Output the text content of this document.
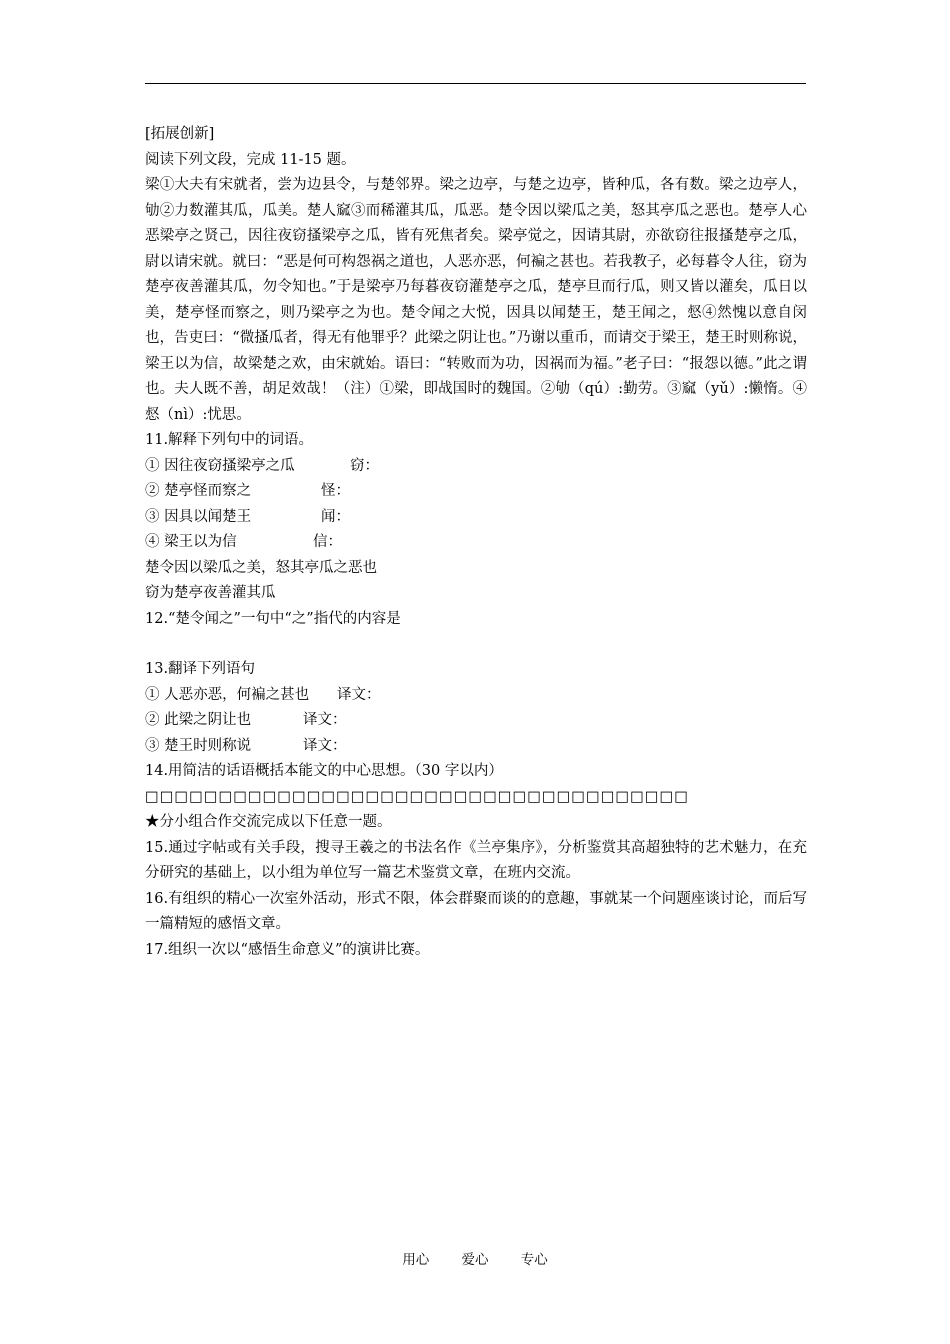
[拓展创新]

阅读下列文段，完成 11-15 题。

梁①大夫有宋就者，尝为边县令，与楚邻界。梁之边亭，与楚之边亭，皆种瓜，各有数。梁之边亭人，劬②力数灌其瓜，瓜美。楚人窳③而稀灌其瓜，瓜恶。楚令因以梁瓜之美，怒其亭瓜之恶也。楚亭人心恶梁亭之贤己，因往夜窃搔梁亭之瓜，皆有死焦者矣。梁亭觉之，因请其尉，亦欲窃往报搔楚亭之瓜，尉以请宋就。就曰：“恶是何可构怨祸之道也，人恶亦恶，何褊之甚也。若我教子，必每暮令人往，窃为楚亭夜善灌其瓜，勿令知也。”于是梁亭乃每暮夜窃灌楚亭之瓜，楚亭旦而行瓜，则又皆以灌矣，瓜日以美，楚亭怪而察之，则乃梁亭之为也。楚令闻之大悦，因具以闻楚王，楚王闻之，惄④然愧以意自闵也，告吏曰：“微搔瓜者，得无有他罪乎？此梁之阴让也。”乃谢以重币，而请交于梁王，楚王时则称说，梁王以为信，故梁楚之欢，由宋就始。语曰：“转败而为功，因祸而为福。”老子曰：“报怨以德。”此之谓也。夫人既不善，胡足效哉！（注）①梁，即战国时的魏国。②劬（qú）:勤劳。③窳（yǔ）:懒惰。④惄（nì）:忧思。

11.解释下列句中的词语。

① 因往夜窃搔梁亭之瓜	窃：

② 楚亭怪而察之	怪：

③ 因具以闻楚王	闻：

④ 梁王以为信	信：

楚令因以梁瓜之美，怒其亭瓜之恶也

窃为楚亭夜善灌其瓜

12.“楚令闻之”一句中“之”指代的内容是

13.翻译下列语句

① 人恶亦恶，何褊之甚也 译文：

② 此梁之阴让也	译文：

③ 楚王时则称说	译文：

14.用简洁的话语概括本能文的中心思想。（30 字以内）

□□□□□□□□□□□□□□□□□□□□□□□□□□□□□□□□□□□□□

★分小组合作交流完成以下任意一题。

15.通过字帖或有关手段，搜寻王羲之的书法名作《兰亭集序》，分析鉴赏其高超独特的艺术魅力，在充分研究的基础上，以小组为单位写一篇艺术鉴赏文章，在班内交流。

16.有组织的精心一次室外活动，形式不限，体会群聚而谈的的意趣，事就某一个问题座谈讨论，而后写一篇精短的感悟文章。

17.组织一次以“感悟生命意义”的演讲比赛。

用心 爱心 专心
